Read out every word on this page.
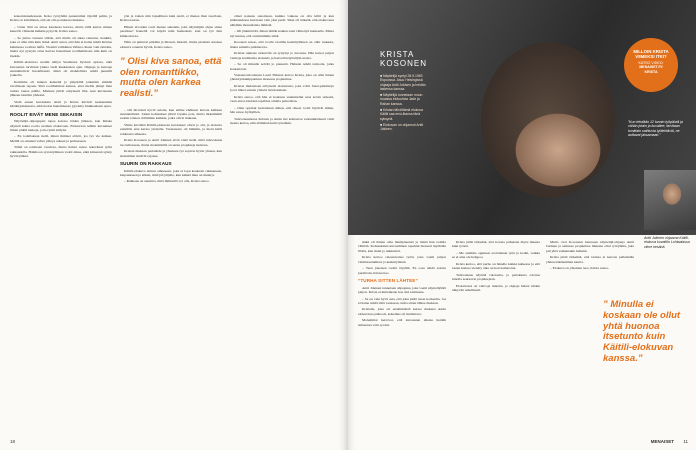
kokonaisuudessaan. Koko työryhmä paneutumui täysillä peliin, ja Krista on kiitollinen, että sai olla porukassa mukana.

– Unna tiitti on ainoa kaudessa karvaa, mutta tällä kertaa minua kenevät viitteenä kaikkia pysyvät, Krista sanoo.

– Se juttua vastaan silloin, että mulla oli aikaa rakastaa, henkilö, joka ei ollut niin kuin minä. Antti sanoi, että hän ei halua tehdä Kristaa kahmessa roolissa laiffa. Viesmä valmiinen löftuna olleen vain rinnalla, mutta nyt pystyin ottaa karvaa hanomaan roolihahmosta niin kuin on itsekin.

Käitili–elokuvaa saatiin tehtyä Suomessa hyvissä ajoissa, eikä kuvausten tarvinnut jatkua vielä kuukausien ajan. Ohjaaja ja kuvaaja suunnittelivat huolellisesti, mikä oli mahdollista tehdä pienellä joukolla.

Kotimme oli kaiken keskellä ja ympärillä jatkettiin elämää tavalliseen tapaan. Siitä roolihahmon kanssa, ettei meille jäänyt ihan turhaa rautaa päälle. Mieleen jäivät erityisesti illat, kun kuvausten jälkeen istuttiin yhdessä.

Vielä ennen kuvauksia Antti ja Krista kävivät keskustelun käsikirjoituksesta, eikä tiedon hakemisessa pyydetty hiukkaakaan apua.

ROOLIT EIVÄT MENE SEKAISIN

Näyttelijä–ohjaajapari tapaa kotona töiden jälkeen, kun Kiiska näytteli kahta roolia saaman elokuvaan. Elokuvaan tehtiin kuvaukset ilman pitkiä taukoja, jotta rytmi säilyisi.

– En todellakaan tiedä, miten ihmiset elävät, jos työ vie kaiken. Meillä on onneksi vahva yhteys arkeen ja perheeseen.

Tämä on toisinaan vaativaa, mutta Krista sanoo tekevänsä työtä rakkaudella. Hahmoon syventyminen vaatii aikaa, eikä kiireessä synny hyvää jälkeä.

yön ja toinen niin lapsellinen kuin Antti, et menee ihan tasollaan, Krista nauraa.

Hänen aivoiden rooli menee sekaisin, joka näyttelijän ohjaa sinua paraikaa? Kenellä voi käydä näin hankalasti, kun on työ niin kiinnostavaa.

Näin on puhuvat pitkään ja hitaasti, hitaasti, mutta pienissä asioissa elokuva toteutui hyvää, Krista sanoo.

” Olisi kiva sanoa, että olen romanttikko, mutta olen karkea realisti.”

– Oli hirveästi hyviä asioita, kun emme ehdineet kuvata kaikkea suunnitellusti. Jotkut kohtaukset jäivät lopulta pois, mutta tärkeimmät saatiin talteen. Kiitimme kaikkia, jotka olivat mukana.

Viime keväänä Käitili-elokuvan kuvaukset olivat jo ohi, ja elokuva esiteltiin ensi kertaa yleisölle. Vastaanotto oli lämmin, ja moni kiitti rohkeasta aiheesta.

Krista Kosonen ja Antti Jokinen eivät vielä tiedä, mitä tulevaisuus tuo tullessaan, mutta molemmilla on uusia projekteja tiedossa.

Kristan mukaan parisuhde ja yhteinen työ sopivat hyvin yhteen, kun molemmat tietävät rajansa.

SUURIN ON RAKKAUS

Käitili-elokuva tarttuu aiheeseen, joka ei lopu koskaan: rakkauteen, kaipaukseen ja siihen, mitä jää jäljelle, kun kaikki muu on mennyt.

– Rakkaus on suurinta, mitä ihmisellä voi olla, Krista sanoo.

olleet naisena sanomaan, kuinka vaikeaa on olla kiltti ja kun julkisuudessa kuvataan vain yksi puoli. Siksi oli tärkeää, että elokuvassa nähdään monenlaisia ihmisiä.

– Oli jännittävää, miten tämän kaiken saisi välitettyä kankaalle. Mutta nyt tuntuu, että onnistuimme siinä.

Kosonen sanoo, että roolin vaatima keskittyminen on ollut raskasta, mutta samalla palkitsevaa.

Kristan rakkaus elokuviin on syttynyt jo nuorena. Hän katsoi paljon vanhoja kotimaisia elokuvia ja haaveili näyttelijän urasta.

– Se oli minulle selvää jo pienestä. Halusin tehdä tarinoita, jotka koskettavat.

Vastaanottavaisessa Lauri Tilkasta kertoo Krista, joka on ollut hänen yhteistyökumppaninsa monessa projektissa.

Kristaa muistetaan erityisesti elokuvasta, joka voitti Jussi-palkintoja ja toi hänet suuren yleisön tietoisuuteen.

Krista sanoo, että hän ei koskaan suunnitellut uraa kovin tarkasti, vaan antoi asioiden tapahtua omalla painollaan.

– Olen oppinut luottamaan siihen, että oikeat roolit löytävät minut, hän sanoo hymyillen.

Tulevaisuudessa Kristan ja Antin tiet kohtaavat todennäköisesti vielä monta kertaa, niin elämässä kuin työssäkin.

18
KRISTA
KOSONEN
■ Näyttelijä syntyi 28.5.1983 Espoossa. Asuu Helsingissä ohjaaja Antti Jokisen ja heidän lastensa kanssa.
■ Näyttelijä tunnetaan muun muassa elokuvista Jade ja Rahan kanssa.
■ Kristan tähdittämä elokuva Käitili saa ensi-iltansa tänä syksynä.
■ Elokuvan on ohjannut Antti Jokinen.
MILLOIN KRISTA
VIIMEKSI ITKI?
KATSO VIDEO:
MENAISET.FI/
KRISTA
”Kun tehdään 12 tunnin työpäiviä ja vähän jotain ja kuvailee, tarvitaan lomittain vaihtuvia työtehtäviä, ne auttavat jaksamaan.”
Antti Jokinen ohjaama Käitili-elokuva kuvattiin Lohtaalassa viime kesänä.

mikä oli hänen oma mielipiteensä ja mistä hän todella välittää. Kohtauksien kuvaaminen tapahtui monesti myöhään illalla, kun muut jo nukkuivat.

Krista kertoo rakastavansa työtä, joka vaatii paljon valmistautumista ja keskittymistä.

– Teen jokaisen roolin täysillä. En osaa tehdä asioita puolittain, hän kertoo.

”TURHA SITTEN LÄHTEE”

Antti Jokinen tunnetaan ohjaajana, joka vaatii näyttelijöiltä paljon. Krista ei kuitenkaan koe sitä rasitteena.

– Se on vain hyvä asia, että joku pitää tason korkealla. Jos ei halua tehdä töitä tosissaan, turha sitten lähtee mukaan.

Kristalle, joka oli ensimmäistä kertaa mukana Antin elokuvassa päärooli, kokemus oli mullistava.

Molemmat kertovat, että kuvausten aikana heidän suhteensa vain syveni.

Krista pitää tärkeänä, että kotona puhutaan myös muusta kuin työstä.

– Me olemme oppineet erottamaan työn ja kodin, vaikka se ei aina ole helppoa.

Krista kertoo, että perhe on hänelle kaikki kaikessa ja että lasten kanssa vietetty aika on korvaamatonta.

Tulevaisuus näyttää valoisalta, ja pariskunta odottaa innolla seuraavia projektejaan.

Elokuvassa on vahvoja tunteita, ja ohjaaja halusi niiden näkyvän rehellisesti.

Muita ovat Kososeen kanssaan näyttelijä-ohjaaja Antti Jokinen ja samassa projektissa mukana ollut työryhmä, joka piti yhtä vaikeinakin hetkinä.

Krista pitää tärkeänä, että tarinaa ei kerrota pelkästään yhden näkökulman kautta.

– Elokuva on yhteinen teos, Krista sanoo.

” Minulla ei koskaan ole ollut yhtä huonoa itsetunto kuin Käitili-elokuvan kanssa.”
MENAISET 11
